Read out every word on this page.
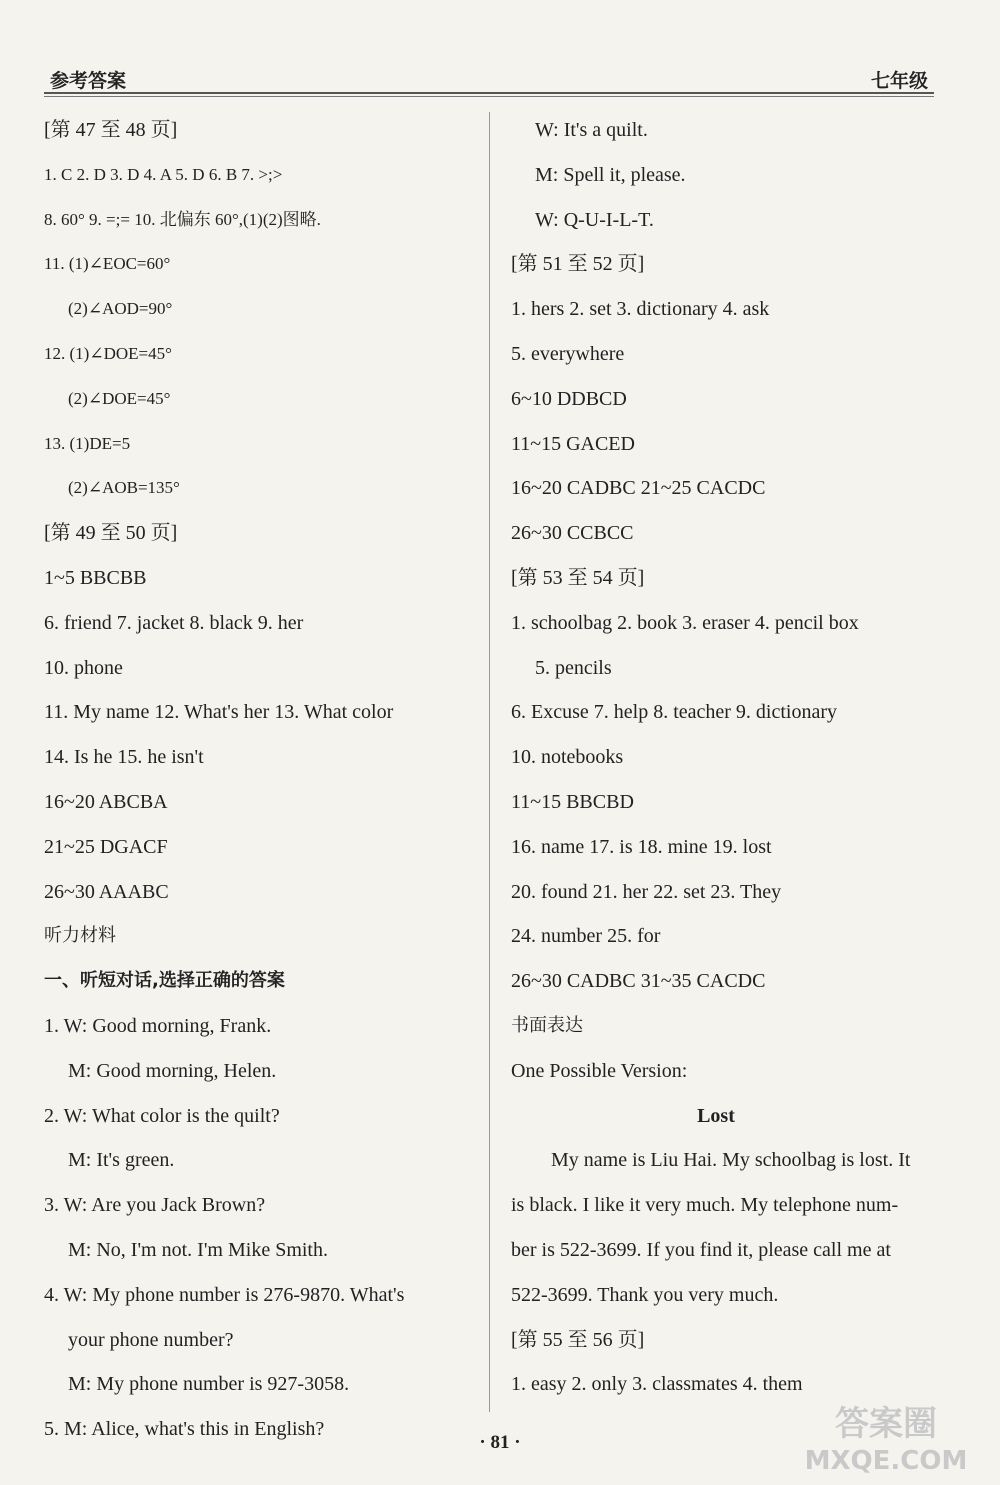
参考答案	七年级
[第 47 至 48 页]
1. C 2. D 3. D 4. A 5. D 6. B 7. >;>
8. 60° 9. =;= 10. 北偏东 60°,(1)(2)图略.
11. (1)∠EOC=60°
(2)∠AOD=90°
12. (1)∠DOE=45°
(2)∠DOE=45°
13. (1)DE=5
(2)∠AOB=135°
[第 49 至 50 页]
1~5 BBCBB
6. friend 7. jacket 8. black 9. her
10. phone
11. My name 12. What's her 13. What color
14. Is he 15. he isn't
16~20 ABCBA
21~25 DGACF
26~30 AAABC
听力材料
一、听短对话,选择正确的答案
1. W: Good morning, Frank.
M: Good morning, Helen.
2. W: What color is the quilt?
M: It's green.
3. W: Are you Jack Brown?
M: No, I'm not. I'm Mike Smith.
4. W: My phone number is 276-9870. What's
your phone number?
M: My phone number is 927-3058.
5. M: Alice, what's this in English?
W: It's a quilt.
M: Spell it, please.
W: Q-U-I-L-T.
[第 51 至 52 页]
1. hers 2. set 3. dictionary 4. ask
5. everywhere
6~10 DDBCD
11~15 GACED
16~20 CADBC 21~25 CACDC
26~30 CCBCC
[第 53 至 54 页]
1. schoolbag 2. book 3. eraser 4. pencil box
5. pencils
6. Excuse 7. help 8. teacher 9. dictionary
10. notebooks
11~15 BBCBD
16. name 17. is 18. mine 19. lost
20. found 21. her 22. set 23. They
24. number 25. for
26~30 CADBC 31~35 CACDC
书面表达
One Possible Version:
Lost
My name is Liu Hai. My schoolbag is lost. It
is black. I like it very much. My telephone num-
ber is 522-3699. If you find it, please call me at
522-3699. Thank you very much.
[第 55 至 56 页]
1. easy 2. only 3. classmates 4. them
· 81 ·	答案圈
MXQE.COM
